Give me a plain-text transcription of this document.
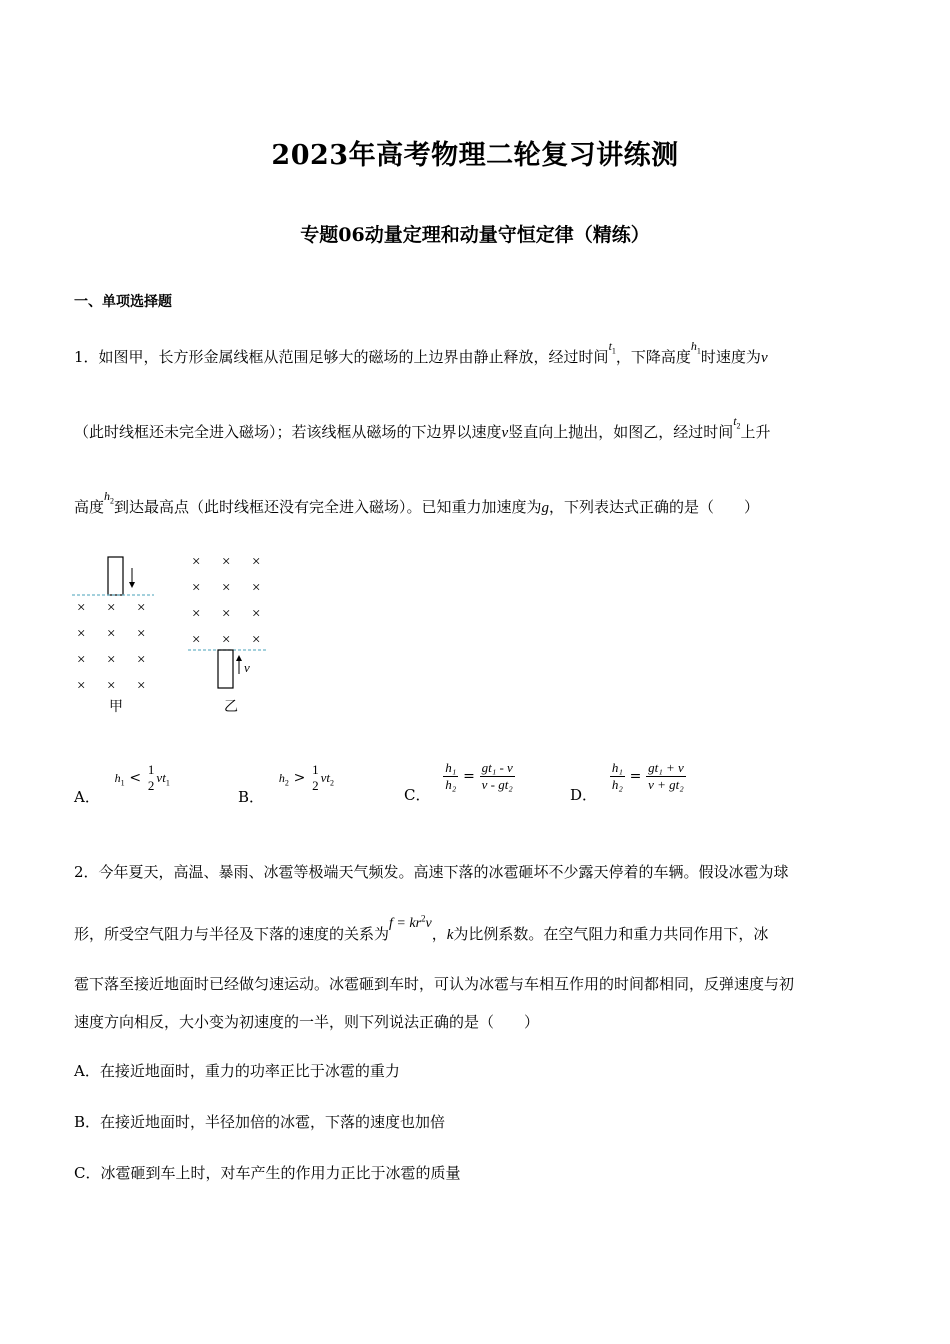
2023年高考物理二轮复习讲练测
专题06动量定理和动量守恒定律（精练）
一、单项选择题
1．如图甲，长方形金属线框从范围足够大的磁场的上边界由静止释放，经过时间$^{t_1}$，下降高度$^{h_1}$时速度为v
（此时线框还未完全进入磁场）；若该线框从磁场的下边界以速度v竖直向上抛出，如图乙，经过时间$^{t_2}$上升
高度$^{h_2}$到达最高点（此时线框还没有完全进入磁场）。已知重力加速度为g，下列表达式正确的是（　　）
× × ×
× × ×
× × ×
× × ×
甲
× × ×
× × ×
× × ×
× × ×
v
乙
A． $h_1$ <
1
2
$vt_1$
B． $h_2$ >
1
2
$vt_2$
C．
$\frac{\text{h₁}}{\text{h₂}} = \frac{\text{gt₁ - v}}{\text{v - gt₂}}$
D．
$\frac{\text{h₁}}{\text{h₂}} = \frac{\text{gt₁ + v}}{\text{v + gt₂}}$
2．今年夏天，高温、暴雨、冰雹等极端天气频发。高速下落的冰雹砸坏不少露天停着的车辆。假设冰雹为球
形，所受空气阻力与半径及下落的速度的关系为$f = kr^2v$，k为比例系数。在空气阻力和重力共同作用下，冰
雹下落至接近地面时已经做匀速运动。冰雹砸到车时，可认为冰雹与车相互作用的时间都相同，反弹速度与初
速度方向相反，大小变为初速度的一半，则下列说法正确的是（　　）
A．在接近地面时，重力的功率正比于冰雹的重力
B．在接近地面时，半径加倍的冰雹，下落的速度也加倍
C．冰雹砸到车上时，对车产生的作用力正比于冰雹的质量
